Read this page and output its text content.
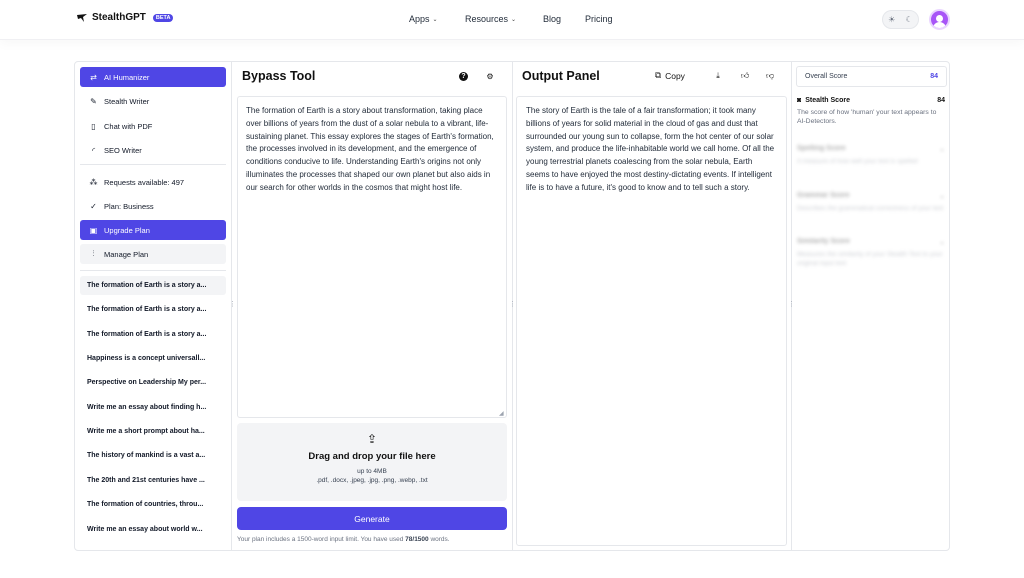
StealthGPT	BETA	Apps ⌄	Resources ⌄	Blog	Pricing	☀ ☾
⇄ AI Humanizer
✎ Stealth Writer
▯	Chat with PDF
◜	SEO Writer
⁂ Requests available: 497
✓ Plan: Business
▣ Upgrade Plan
⫶	Manage Plan
The formation of Earth is a story a...
The formation of Earth is a story a...
The formation of Earth is a story a...
Happiness is a concept universall...
Perspective on Leadership My per...
Write me an essay about finding h...
Write me a short prompt about ha...
The history of mankind is a vast a...
The 20th and 21st centuries have ...
The formation of countries, throu...
Write me an essay about world w...
⋮	⋮	⋮
Bypass Tool	?	⚙
The formation of Earth is a story about transformation, taking place over billions of years from the dust of a solar nebula to a vibrant, life-sustaining planet. This essay explores the stages of Earth's formation, the processes involved in its development, and the emergence of conditions conducive to life. Understanding Earth's origins not only illuminates the processes that shaped our own planet but also aids in our search for other worlds in the cosmos that might host life.
◢
⇪
Drag and drop your file here
up to 4MB
.pdf, .docx, .jpeg, .jpg, .png, .webp, .txt
Generate
Your plan includes a 1500-word input limit. You have used 78/1500 words.
Output Panel	⧉ Copy	⤓	👍︎ 👎︎
The story of Earth is the tale of a fair transformation; it took many billions of years for solid material in the cloud of gas and dust that surrounded our young sun to collapse, form the hot center of our solar system, and produce the life-inhabitable world we call home. Of all the young terrestrial planets coalescing from the solar nebula, Earth seems to have enjoyed the most destiny-dictating events. If intelligent life is to have a future, it's good to know and to tell such a story.
Overall Score	84
◙ Stealth Score	84
The score of how 'human' your text appears to AI-Detectors.
Spelling Score	⌄
A measure of how well your text is spelled
Grammar Score	⌄
Describes the grammatical correctness of your text
Similarity Score	⌄
Measures the similarity of your Stealth Text to your original input text
